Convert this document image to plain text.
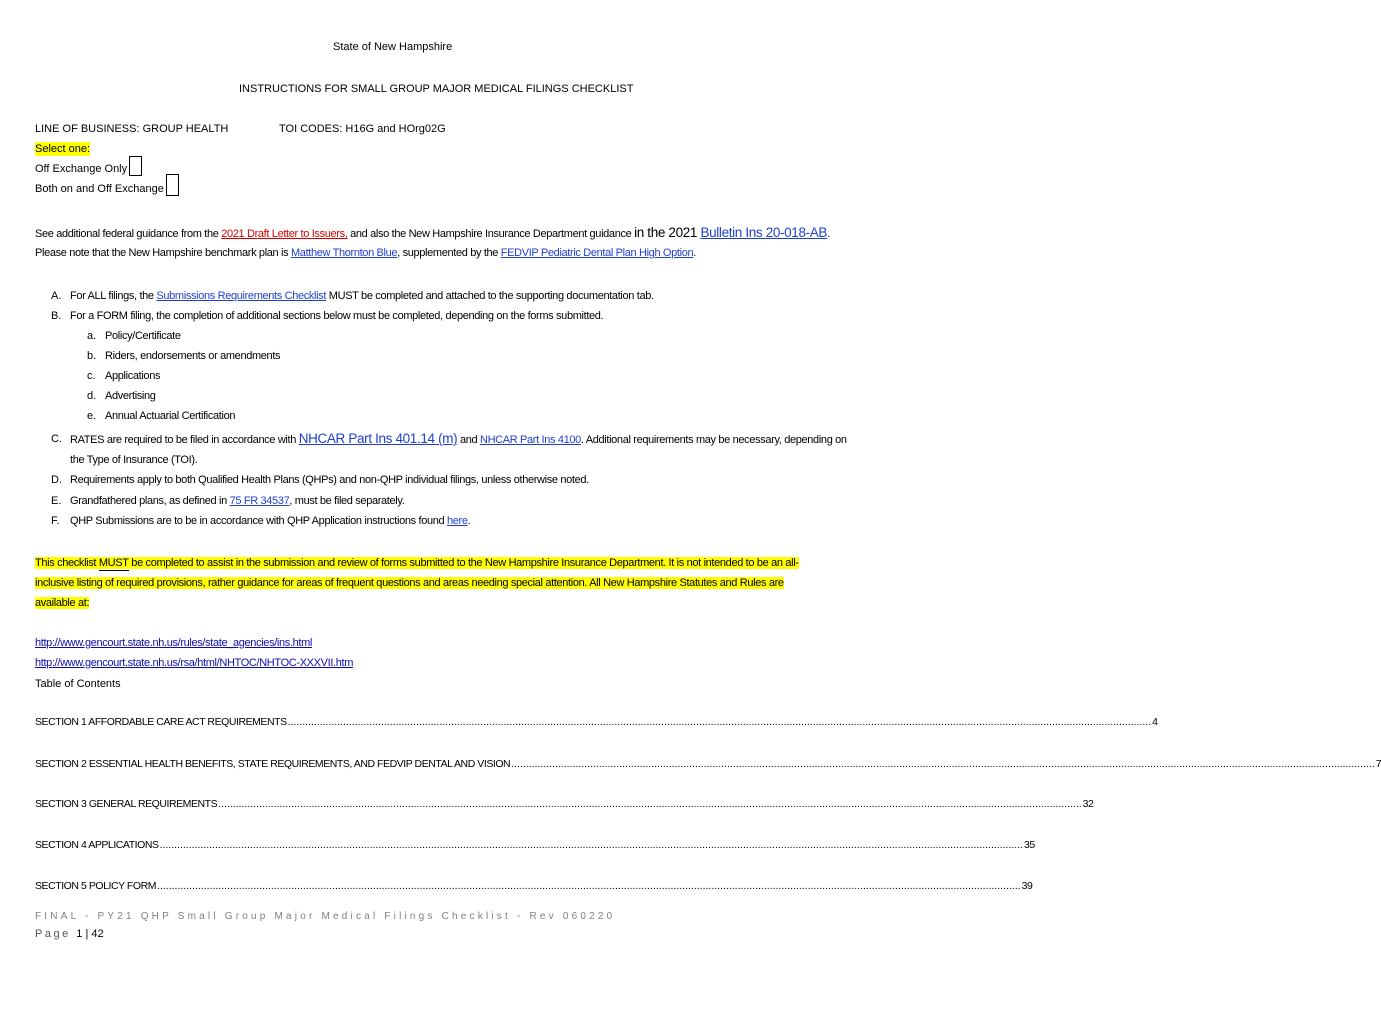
State of New Hampshire
INSTRUCTIONS FOR SMALL GROUP MAJOR MEDICAL FILINGS CHECKLIST
LINE OF BUSINESS: GROUP HEALTH	TOI CODES: H16G and HOrg02G
Select one:
Off Exchange Only
Both on and Off Exchange
See additional federal guidance from the 2021 Draft Letter to Issuers, and also the New Hampshire Insurance Department guidance in the 2021 Bulletin Ins 20-018-AB.
Please note that the New Hampshire benchmark plan is Matthew Thornton Blue, supplemented by the FEDVIP Pediatric Dental Plan High Option.
A. For ALL filings, the Submissions Requirements Checklist MUST be completed and attached to the supporting documentation tab.
B. For a FORM filing, the completion of additional sections below must be completed, depending on the forms submitted.
a. Policy/Certificate
b. Riders, endorsements or amendments
c. Applications
d. Advertising
e. Annual Actuarial Certification
C. RATES are required to be filed in accordance with NHCAR Part Ins 401.14 (m) and NHCAR Part Ins 4100. Additional requirements may be necessary, depending on
the Type of Insurance (TOI).
D. Requirements apply to both Qualified Health Plans (QHPs) and non-QHP individual filings, unless otherwise noted.
E. Grandfathered plans, as defined in 75 FR 34537, must be filed separately.
F. QHP Submissions are to be in accordance with QHP Application instructions found here.
This checklist MUST be completed to assist in the submission and review of forms submitted to the New Hampshire Insurance Department. It is not intended to be an all-
inclusive listing of required provisions, rather guidance for areas of frequent questions and areas needing special attention. All New Hampshire Statutes and Rules are
available at:
http://www.gencourt.state.nh.us/rules/state_agencies/ins.html
http://www.gencourt.state.nh.us/rsa/html/NHTOC/NHTOC-XXXVII.htm
Table of Contents
SECTION 1 AFFORDABLE CARE ACT REQUIREMENTS .....	4
SECTION 2 ESSENTIAL HEALTH BENEFITS, STATE REQUIREMENTS, AND FEDVIP DENTAL AND VISION .....	7
SECTION 3 GENERAL REQUIREMENTS .....	32
SECTION 4 APPLICATIONS .....	35
SECTION 5 POLICY FORM .....	39
FINAL - PY21 QHP Small Group Major Medical Filings Checklist - Rev 060220
Page 1 | 42
